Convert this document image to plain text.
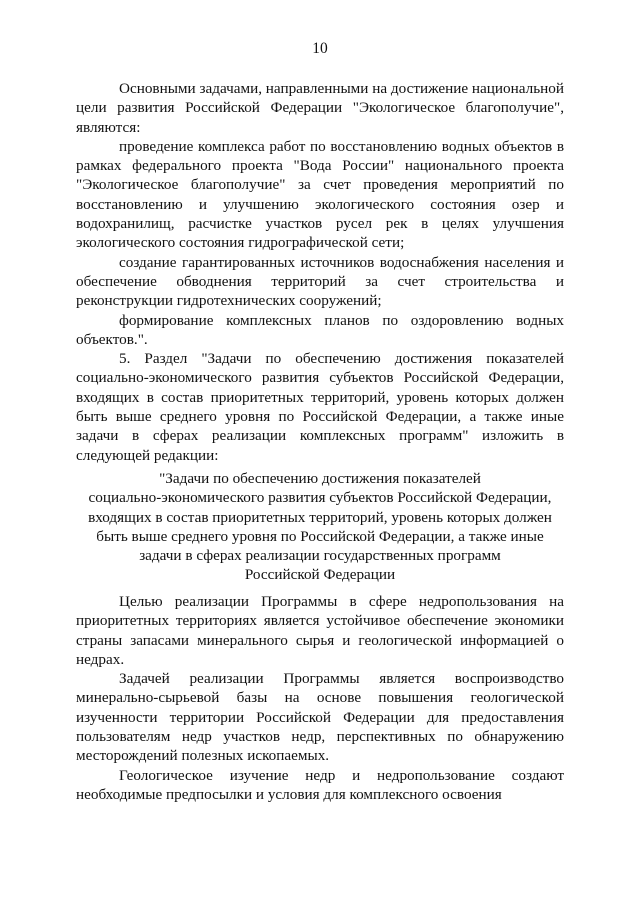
10

Основными задачами, направленными на достижение национальной цели развития Российской Федерации "Экологическое благополучие", являются:

проведение комплекса работ по восстановлению водных объектов в рамках федерального проекта "Вода России" национального проекта "Экологическое благополучие" за счет проведения мероприятий по восстановлению и улучшению экологического состояния озер и водохранилищ, расчистке участков русел рек в целях улучшения экологического состояния гидрографической сети;

создание гарантированных источников водоснабжения населения и обеспечение обводнения территорий за счет строительства и реконструкции гидротехнических сооружений;

формирование комплексных планов по оздоровлению водных объектов.".

5. Раздел "Задачи по обеспечению достижения показателей социально-экономического развития субъектов Российской Федерации, входящих в состав приоритетных территорий, уровень которых должен быть выше среднего уровня по Российской Федерации, а также иные задачи в сферах реализации комплексных программ" изложить в следующей редакции:

"Задачи по обеспечению достижения показателей
социально-экономического развития субъектов Российской Федерации,
входящих в состав приоритетных территорий, уровень которых должен
быть выше среднего уровня по Российской Федерации, а также иные
задачи в сферах реализации государственных программ
Российской Федерации

Целью реализации Программы в сфере недропользования на приоритетных территориях является устойчивое обеспечение экономики страны запасами минерального сырья и геологической информацией о недрах.

Задачей реализации Программы является воспроизводство минерально-сырьевой базы на основе повышения геологической изученности территории Российской Федерации для предоставления пользователям недр участков недр, перспективных по обнаружению месторождений полезных ископаемых.

Геологическое изучение недр и недропользование создают необходимые предпосылки и условия для комплексного освоения
